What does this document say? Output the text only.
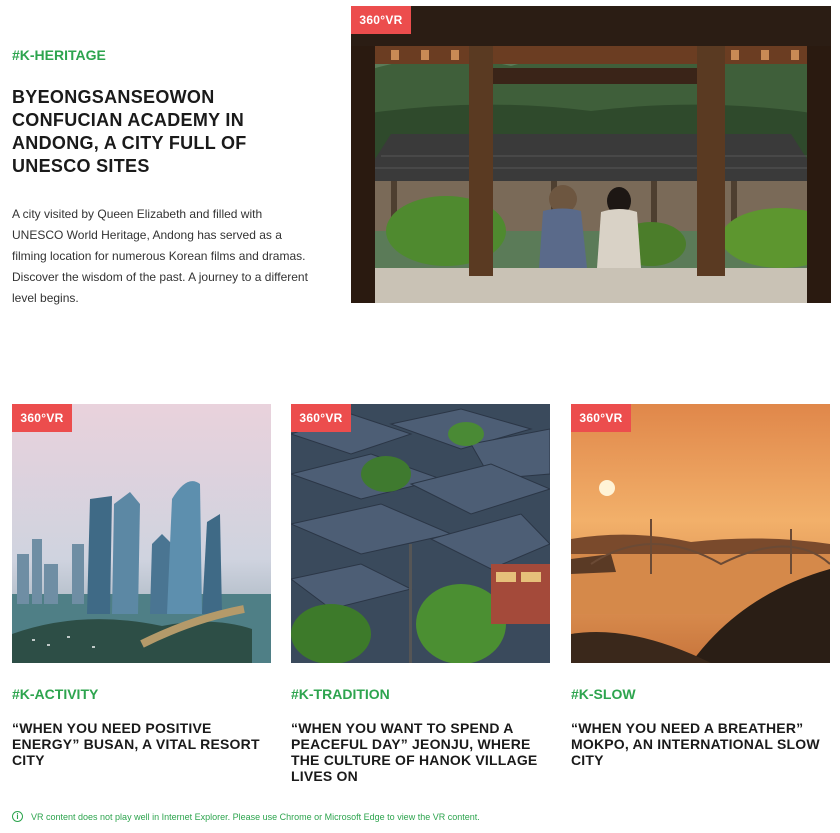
#K-HERITAGE
BYEONGSANSEOWON CONFUCIAN ACADEMY IN ANDONG, A CITY FULL OF UNESCO SITES

A city visited by Queen Elizabeth and filled with UNESCO World Heritage, Andong has served as a filming location for numerous Korean films and dramas. Discover the wisdom of the past. A journey to a different level begins.

360°VR
360°VR
#K-ACTIVITY
“WHEN YOU NEED POSITIVE ENERGY” BUSAN, A VITAL RESORT CITY
360°VR
#K-TRADITION
“WHEN YOU WANT TO SPEND A PEACEFUL DAY” JEONJU, WHERE THE CULTURE OF HANOK VILLAGE LIVES ON
360°VR
#K-SLOW
“WHEN YOU NEED A BREATHER” MOKPO, AN INTERNATIONAL SLOW CITY
i	VR content does not play well in Internet Explorer. Please use Chrome or Microsoft Edge to view the VR content.
